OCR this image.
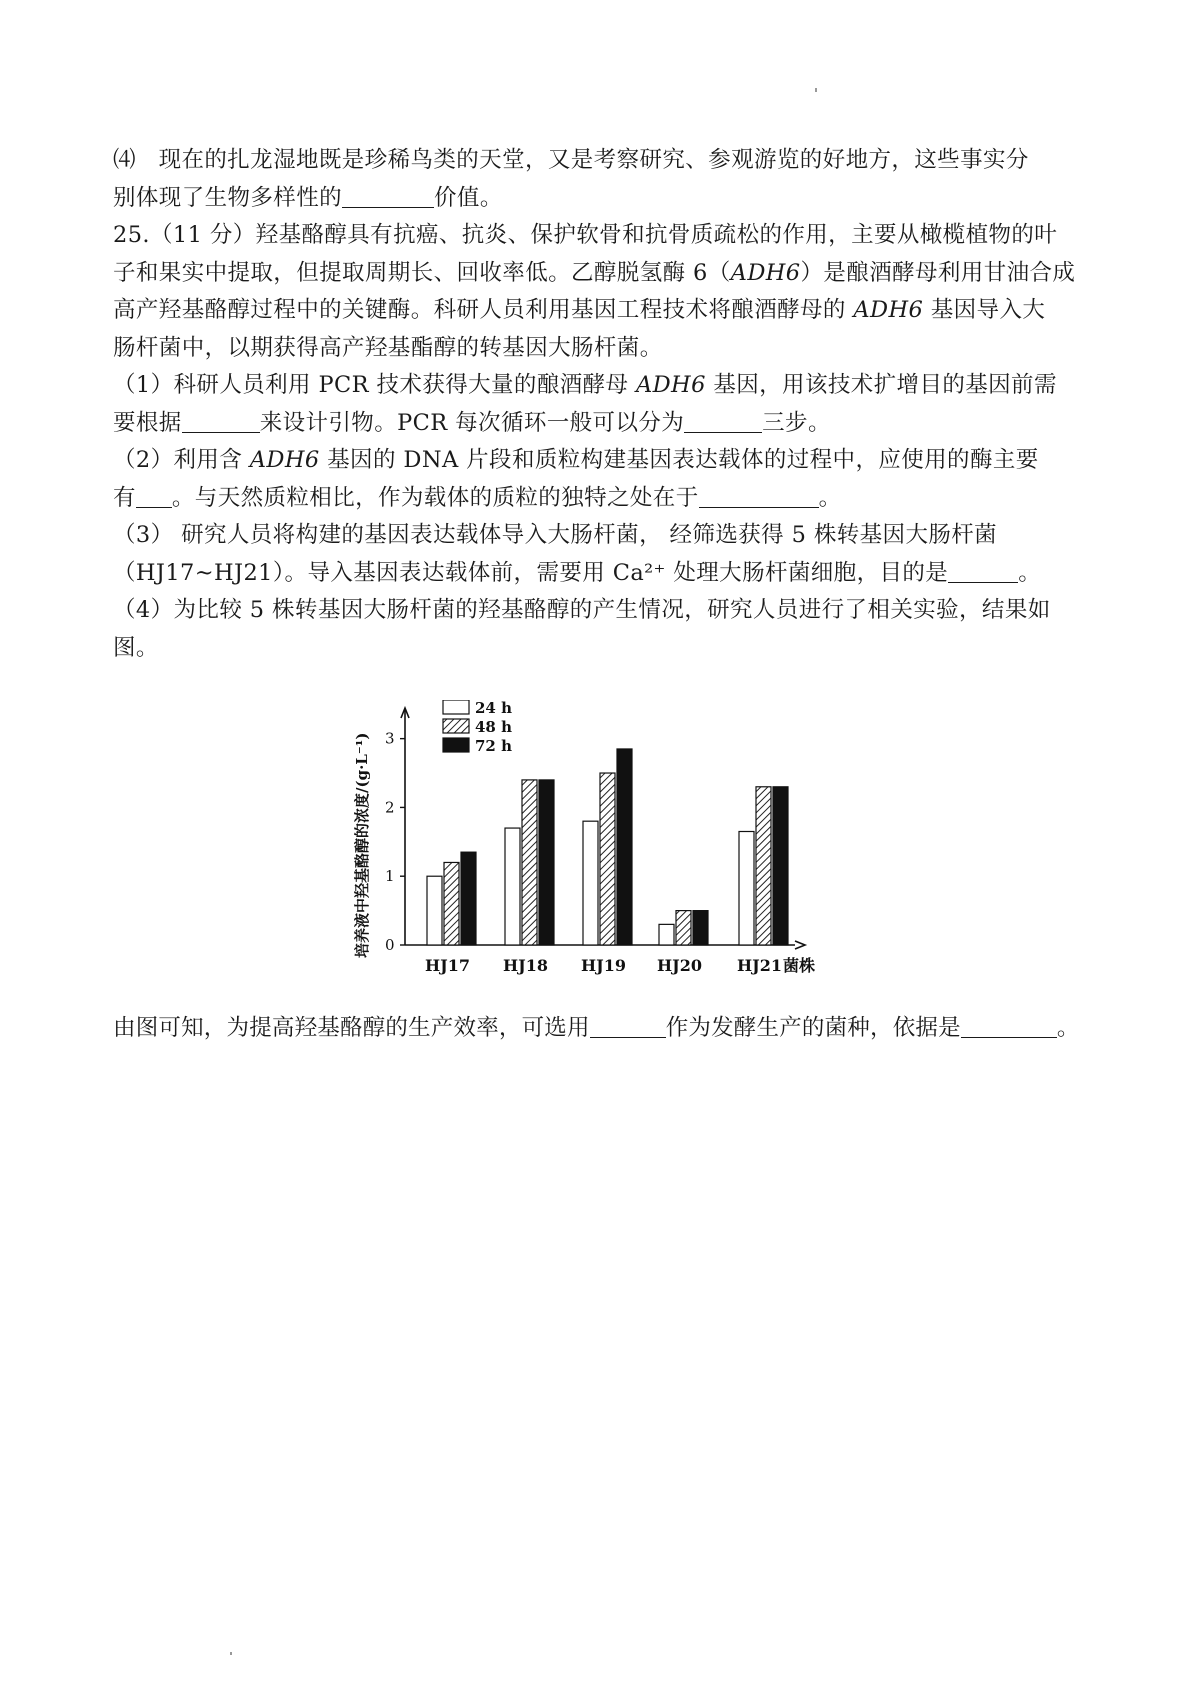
⑷ 现在的扎龙湿地既是珍稀鸟类的天堂，又是考察研究、参观游览的好地方，这些事实分
别体现了生物多样性的	价值。
25.（11 分）羟基酪醇具有抗癌、抗炎、保护软骨和抗骨质疏松的作用，主要从橄榄植物的叶
子和果实中提取，但提取周期长、回收率低。乙醇脱氢酶 6（ADH6）是酿酒酵母利用甘油合成
高产羟基酪醇过程中的关键酶。科研人员利用基因工程技术将酿酒酵母的 ADH6 基因导入大
肠杆菌中，以期获得高产羟基酯醇的转基因大肠杆菌。
（1）科研人员利用 PCR 技术获得大量的酿酒酵母 ADH6 基因，用该技术扩增目的基因前需
要根据	来设计引物。PCR 每次循环一般可以分为	三步。
（2）利用含 ADH6 基因的 DNA 片段和质粒构建基因表达载体的过程中，应使用的酶主要
有 。与天然质粒相比，作为载体的质粒的独特之处在于	。
（3） 研究人员将构建的基因表达载体导入大肠杆菌， 经筛选获得 5 株转基因大肠杆菌
（HJ17~HJ21）。导入基因表达载体前，需要用 Ca²⁺ 处理大肠杆菌细胞，目的是	。
（4）为比较 5 株转基因大肠杆菌的羟基酪醇的产生情况，研究人员进行了相关实验，结果如
图。
0
1
2
3
培养液中羟基酪醇的浓度/(g·L⁻¹)
HJ17 HJ18 HJ19 HJ20 HJ21 菌株
24 h
48 h
72 h
由图可知，为提高羟基酪醇的生产效率，可选用	作为发酵生产的菌种，依据是	。
